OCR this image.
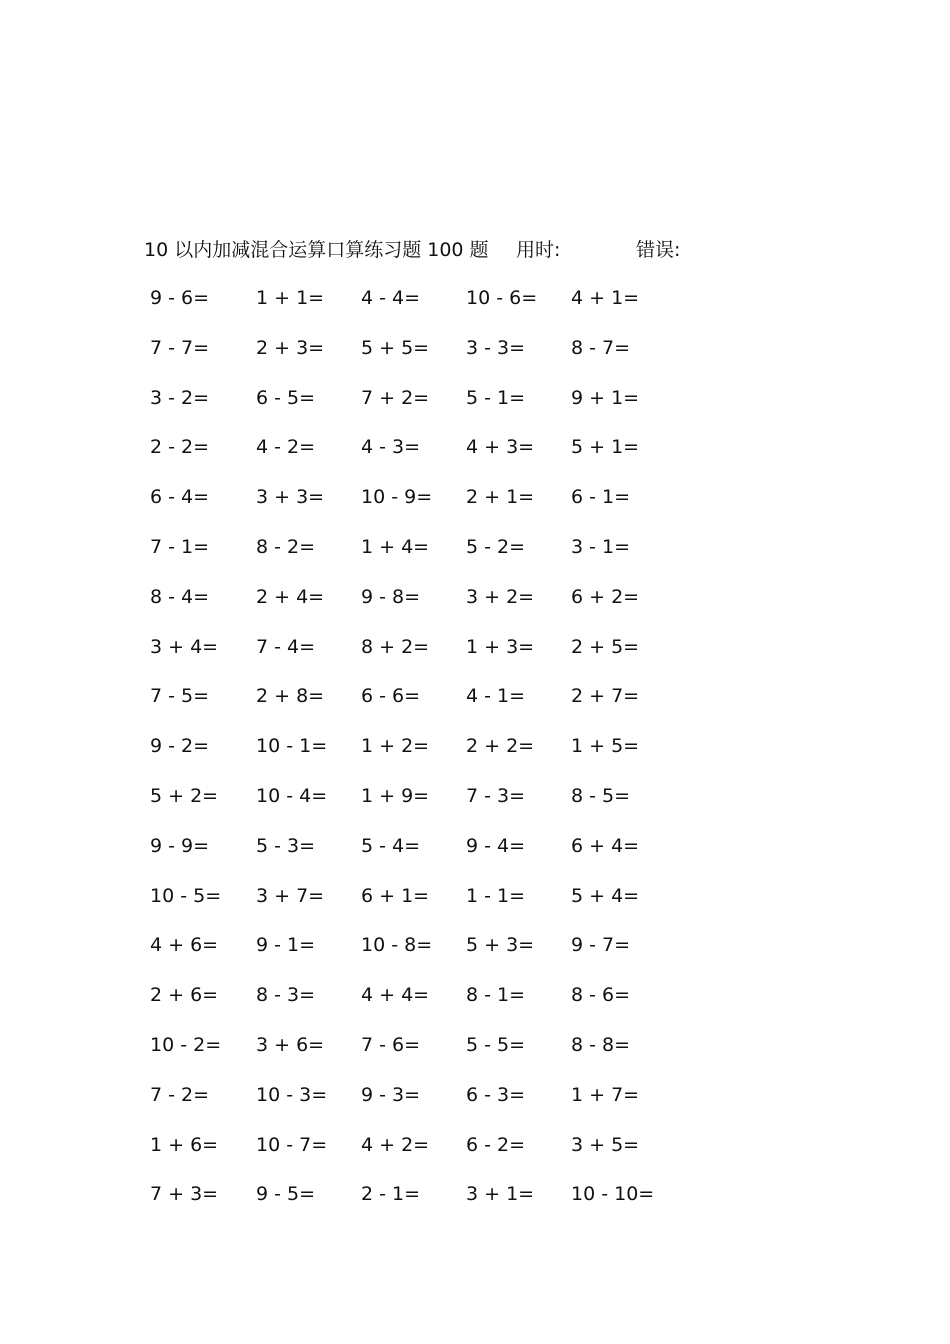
10 以内加减混合运算口算练习题 100 题 用时:	错误:
9 - 6=	1 + 1=	4 - 4=	10 - 6=	4 + 1=
7 - 7=	2 + 3=	5 + 5=	3 - 3=	8 - 7=
3 - 2=	6 - 5=	7 + 2=	5 - 1=	9 + 1=
2 - 2=	4 - 2=	4 - 3=	4 + 3=	5 + 1=
6 - 4=	3 + 3=	10 - 9=	2 + 1=	6 - 1=
7 - 1=	8 - 2=	1 + 4=	5 - 2=	3 - 1=
8 - 4=	2 + 4=	9 - 8=	3 + 2=	6 + 2=
3 + 4=	7 - 4=	8 + 2=	1 + 3=	2 + 5=
7 - 5=	2 + 8=	6 - 6=	4 - 1=	2 + 7=
9 - 2=	10 - 1=	1 + 2=	2 + 2=	1 + 5=
5 + 2=	10 - 4=	1 + 9=	7 - 3=	8 - 5=
9 - 9=	5 - 3=	5 - 4=	9 - 4=	6 + 4=
10 - 5=	3 + 7=	6 + 1=	1 - 1=	5 + 4=
4 + 6=	9 - 1=	10 - 8=	5 + 3=	9 - 7=
2 + 6=	8 - 3=	4 + 4=	8 - 1=	8 - 6=
10 - 2=	3 + 6=	7 - 6=	5 - 5=	8 - 8=
7 - 2=	10 - 3=	9 - 3=	6 - 3=	1 + 7=
1 + 6=	10 - 7=	4 + 2=	6 - 2=	3 + 5=
7 + 3=	9 - 5=	2 - 1=	3 + 1=	10 - 10=
